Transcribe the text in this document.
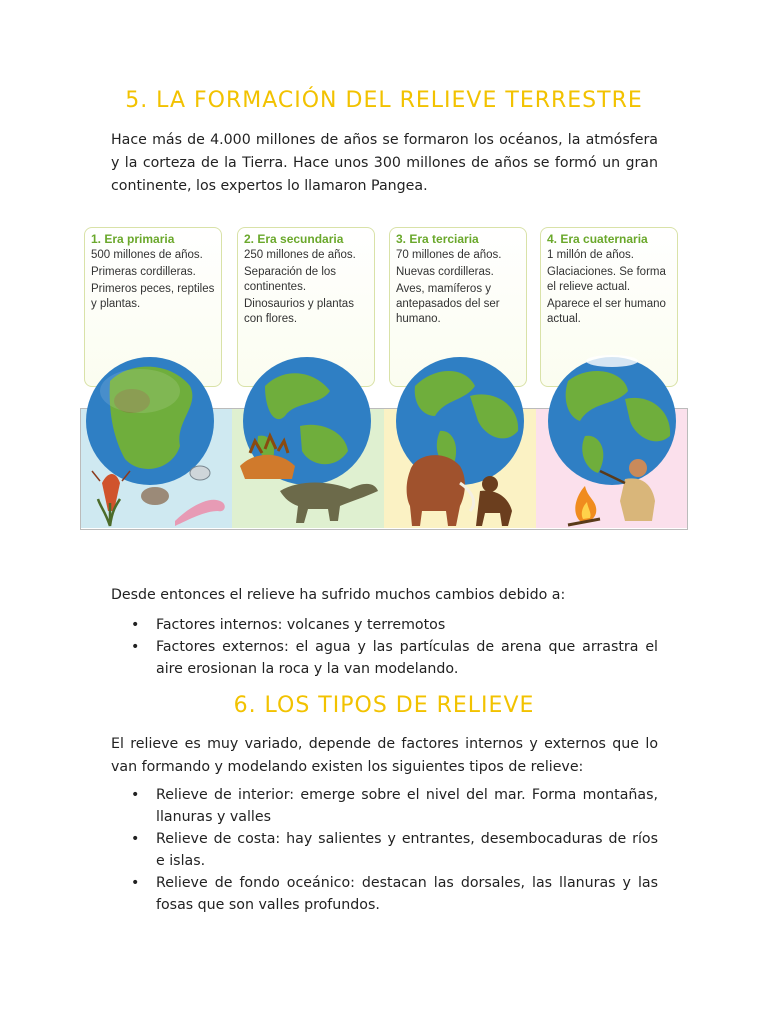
5. LA FORMACIÓN DEL RELIEVE TERRESTRE

Hace más de 4.000 millones de años se formaron los océanos, la atmósfera y la corteza de la Tierra. Hace unos 300 millones de años se formó un gran continente, los expertos lo llamaron Pangea.

1. Era primaria

500 millones de años.

Primeras cordilleras.

Primeros peces, reptiles y plantas.

2. Era secundaria

250 millones de años.

Separación de los continentes.

Dinosaurios y plantas con flores.

3. Era terciaria

70 millones de años.

Nuevas cordilleras.

Aves, mamíferos y antepasados del ser humano.

4. Era cuaternaria

1 millón de años.

Glaciaciones. Se forma el relieve actual.

Aparece el ser humano actual.

Desde entonces el relieve ha sufrido muchos cambios debido a:

• Factores internos: volcanes y terremotos
• Factores externos: el agua y las partículas de arena que arrastra el aire erosionan la roca y la van modelando.
6. LOS TIPOS DE RELIEVE

El relieve es muy variado, depende de factores internos y externos que lo van formando y modelando existen los siguientes tipos de relieve:

• Relieve de interior: emerge sobre el nivel del mar. Forma montañas, llanuras y valles
• Relieve de costa: hay salientes y entrantes, desembocaduras de ríos e islas.
• Relieve de fondo oceánico: destacan las dorsales, las llanuras y las fosas que son valles profundos.
